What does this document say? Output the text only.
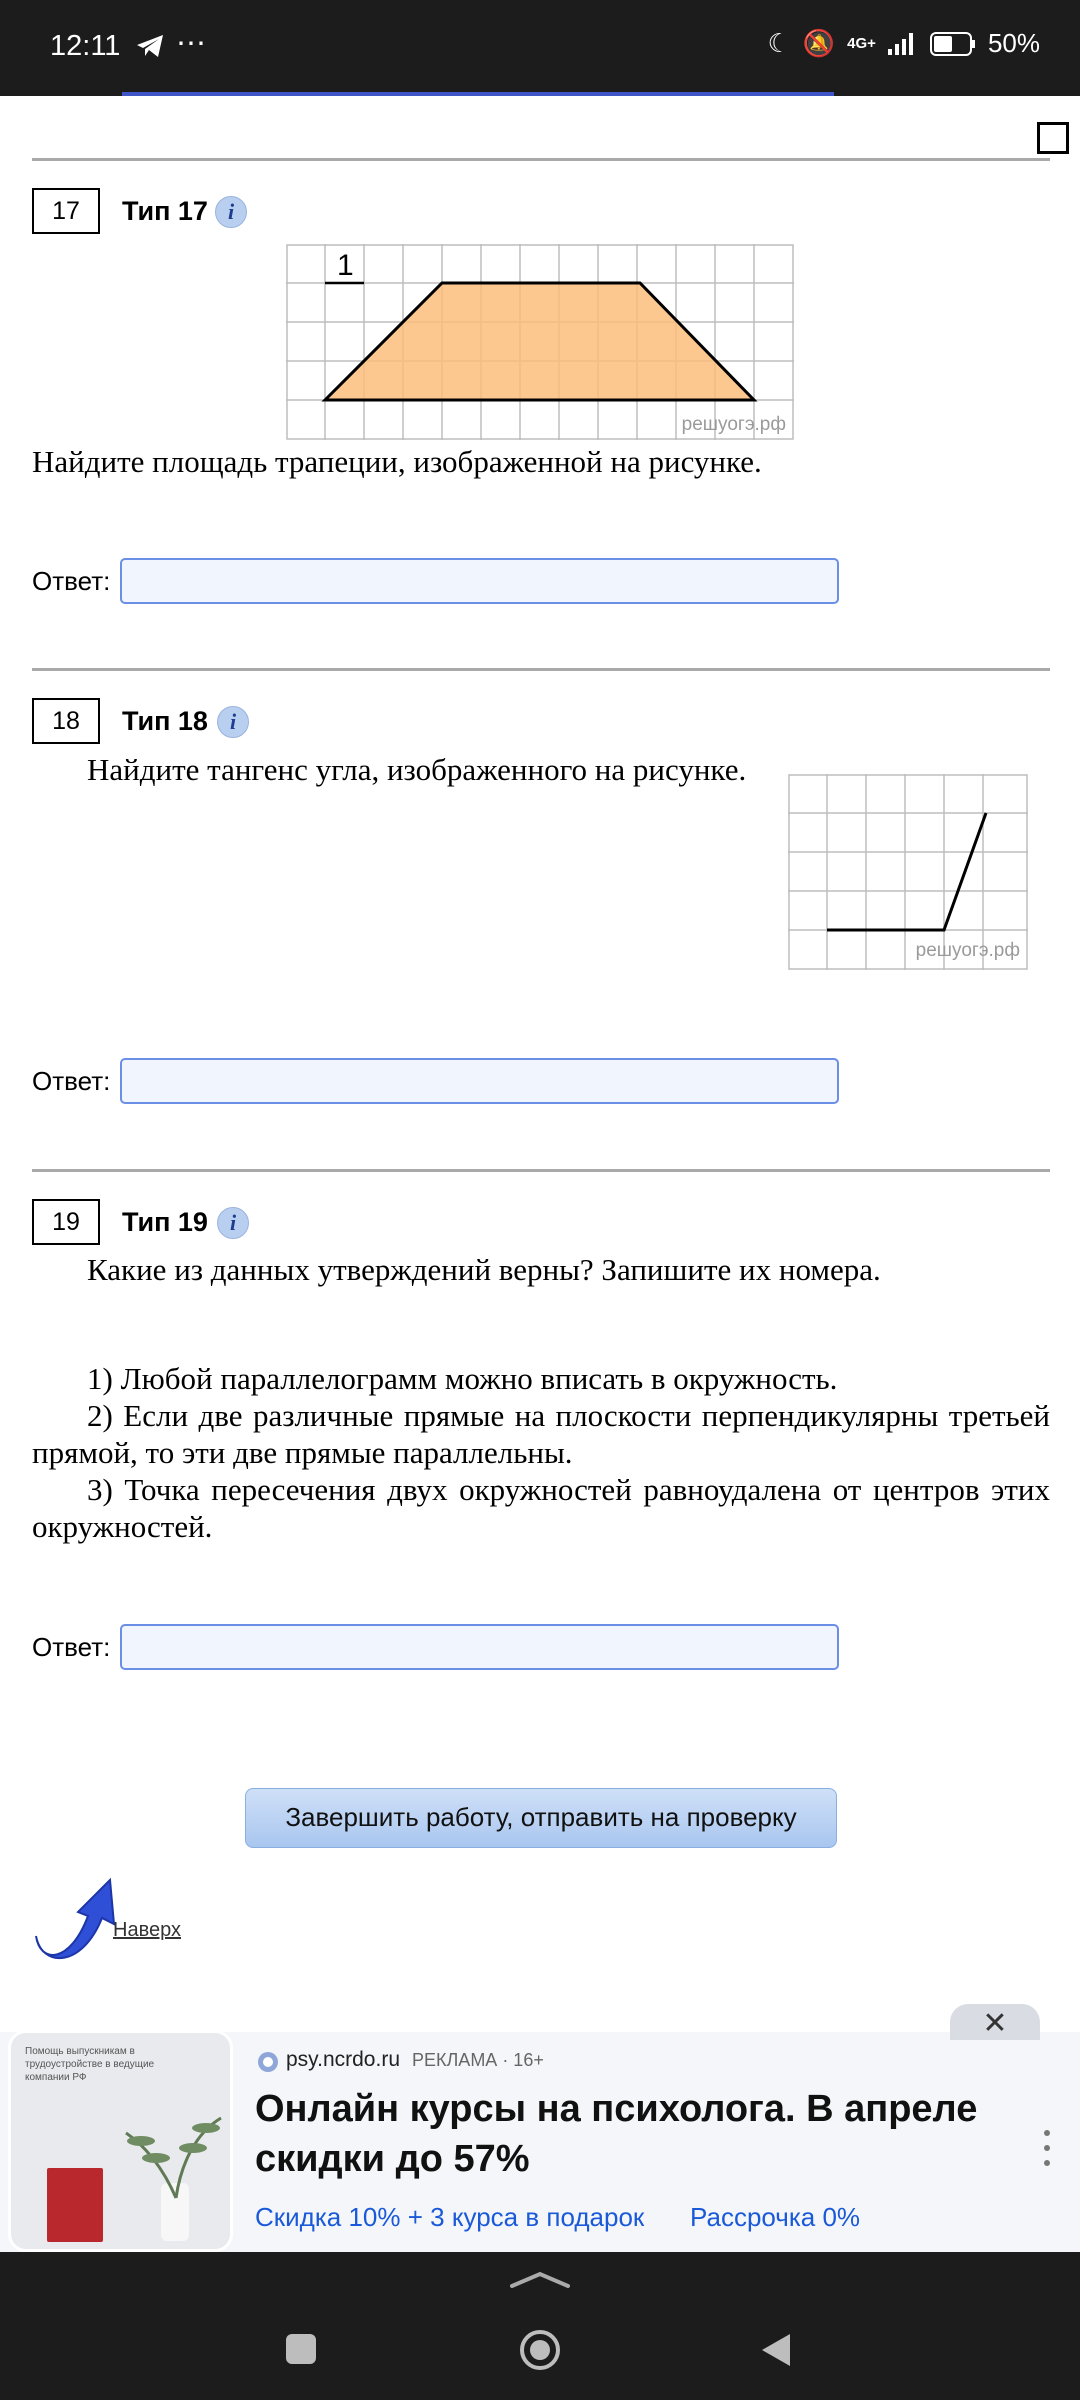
12:11 ⋯	☾ 🔕 4G+	50%
17	Тип 17 i
1
решуогэ.рф
Найдите площадь трапеции, изображенной на рисунке.
Ответ:
18	Тип 18	i
Найдите тангенс угла, изображенного на рисунке.
решуогэ.рф
Ответ:
19	Тип 19	i
Какие из данных утверждений верны? Запишите их номера.
1) Любой параллелограмм можно вписать в окружность.
2) Если две различные прямые на плоскости перпендикулярны третьей прямой, то эти две прямые параллельны.
3) Точка пересечения двух окружностей равноудалена от центров этих окружностей.
Ответ:
Завершить работу, отправить на проверку
Наверх
✕
Помощь выпускникам в трудоустройстве в ведущие компании РФ
psy.ncrdo.ru РЕКЛАМА · 16+
Онлайн курсы на психолога. В апреле скидки до 57%
Скидка 10% + 3 курса в подарок Рассрочка 0%
